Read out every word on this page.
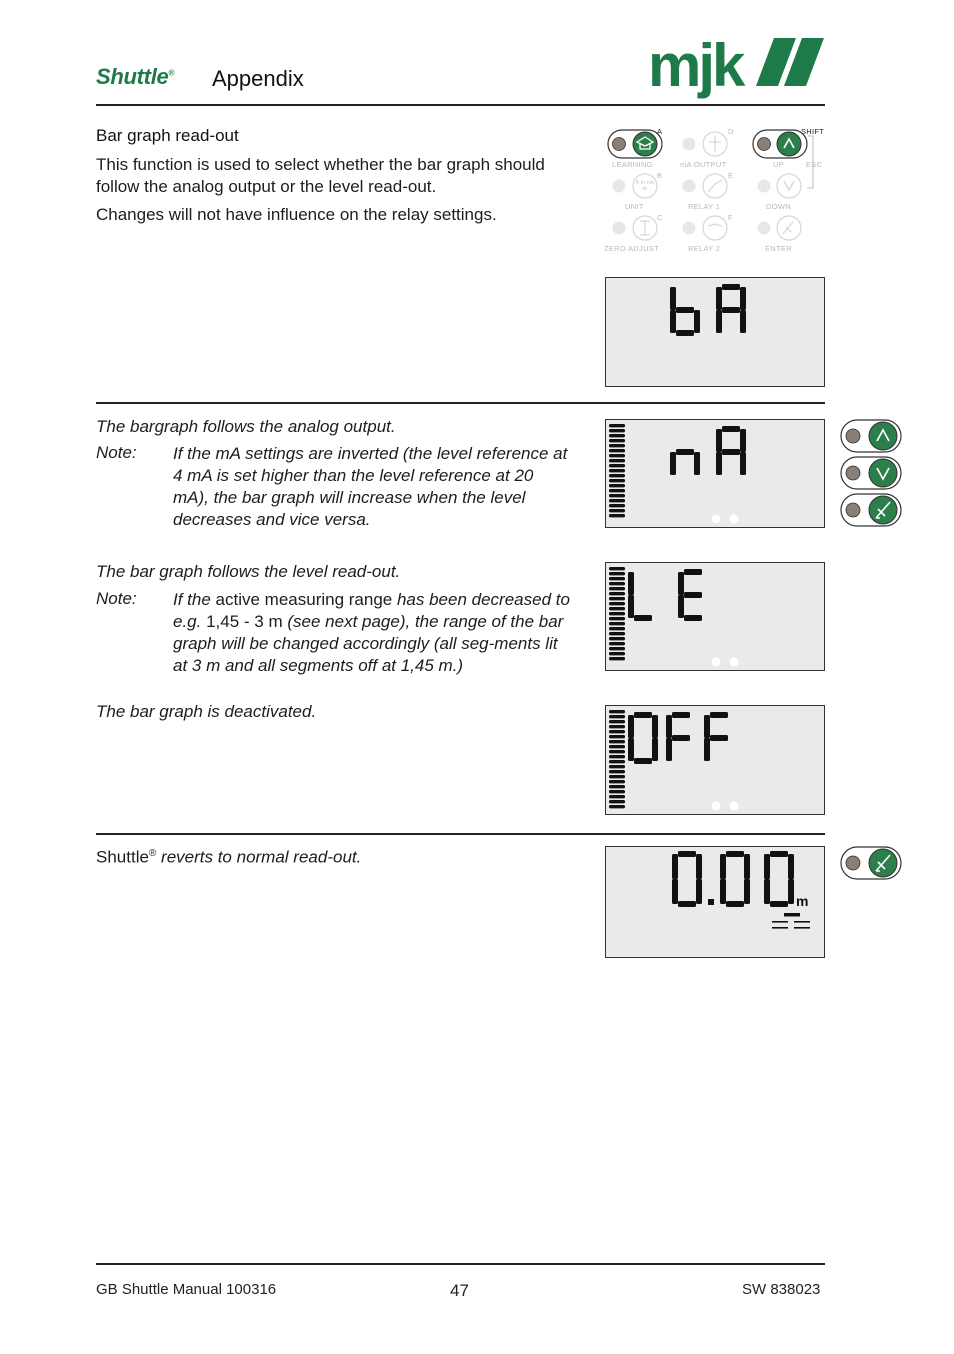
Shuttle® Appendix	mjk
Bar graph read-out
This function is used to select whether the bar graph should follow the analog output or the level read-out.
Changes will not have influence on the relay settings.
LEARNING	mA OUTPUT	UP	ESC
UNIT	RELAY 1	DOWN
ZERO ADJUST	RELAY 2	ENTER
A
B
C
D
E
F
SHIFT
ft in cm m
The bargraph follows the analog output.
Note: If the mA settings are inverted (the level reference at 4 mA is set higher than the level reference at 20 mA), the bar graph will increase when the level decreases and vice versa.
The bar graph follows the level read-out.
Note: If the active measuring range has been decreased to e.g. 1,45 - 3 m (see next page), the range of the bar graph will be changed accordingly (all seg-ments lit at 3 m and all segments off at 1,45 m.)
The bar graph is deactivated.
Shuttle® reverts to normal read-out.
m
GB Shuttle Manual 100316	47	SW 838023
